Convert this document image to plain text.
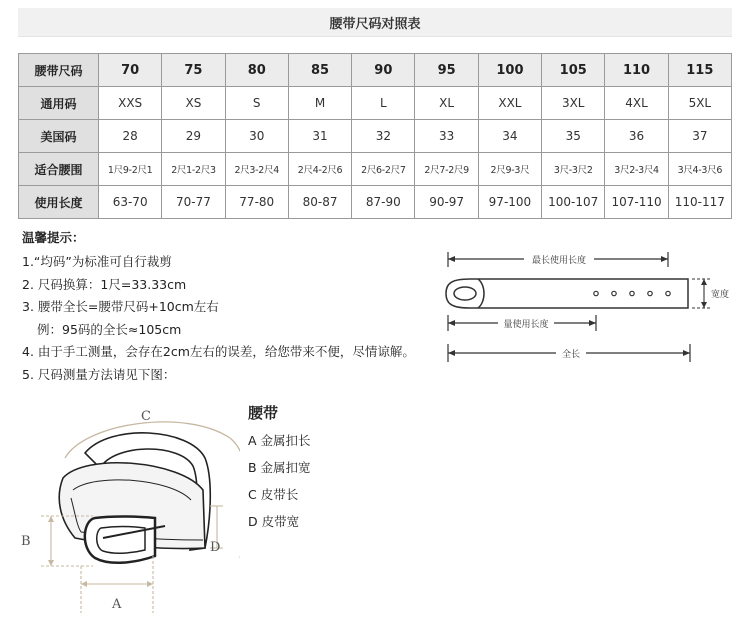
腰带尺码对照表
腰带尺码	70	75	80	85	90	95	100	105	110	115
通用码	XXS	XS	S	M	L	XL	XXL	3XL	4XL	5XL
美国码	28	29	30	31	32	33	34	35	36	37
适合腰围	1尺9-2尺1	2尺1-2尺3	2尺3-2尺4	2尺4-2尺6	2尺6-2尺7	2尺7-2尺9	2尺9-3尺	3尺-3尺2	3尺2-3尺4	3尺4-3尺6
使用长度	63-70	70-77	77-80	80-87	87-90	90-97	97-100	100-107	107-110	110-117
温馨提示：
1.“均码”为标准可自行裁剪
2. 尺码换算：1尺=33.33cm
3. 腰带全长=腰带尺码+10cm左右
例：95码的全长≈105cm
4. 由于手工测量，会存在2cm左右的误差，给您带来不便，尽情谅解。
5. 尺码测量方法请见下图：
最长使用长度
宽度
量使用长度
全长
C
D
B
A
腰带
A 金属扣长
B 金属扣宽
C 皮带长
D 皮带宽
